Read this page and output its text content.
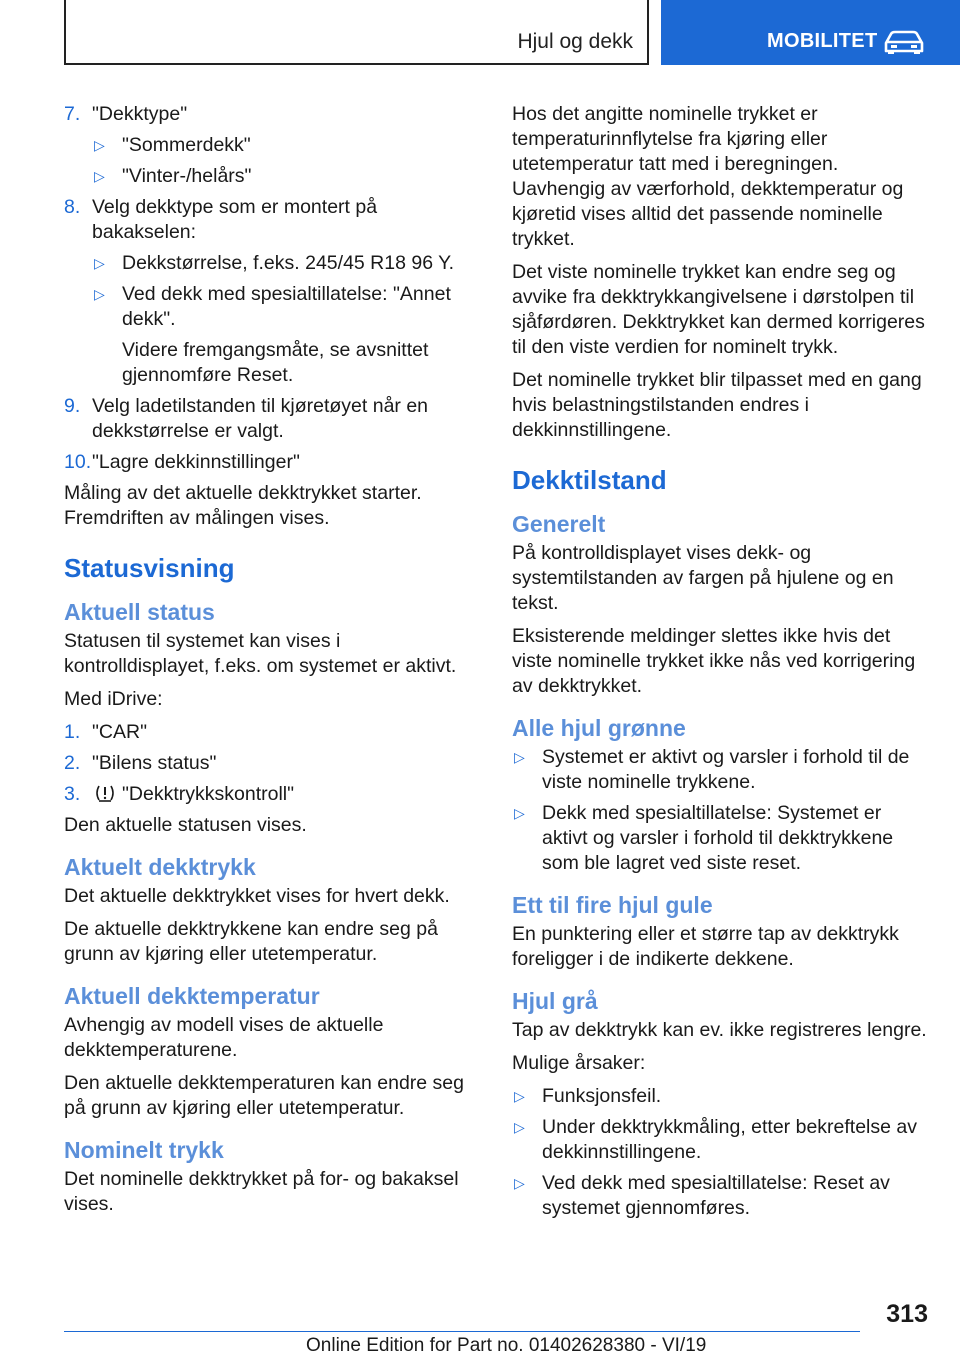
Hjul og dekk	MOBILITET
7. "Dekktype"
▷ "Sommerdekk"
▷ "Vinter-/helårs"
8. Velg dekktype som er montert på bakakselen:
▷ Dekkstørrelse, f.eks. 245/45 R18 96 Y.
▷ Ved dekk med spesialtillatelse: "Annet dekk".
Videre fremgangsmåte, se avsnittet gjennomføre Reset.
9. Velg ladetilstanden til kjøretøyet når en dekkstørrelse er valgt.
10. "Lagre dekkinnstillinger"
Måling av det aktuelle dekktrykket starter. Fremdriften av målingen vises.
Statusvisning
Aktuell status
Statusen til systemet kan vises i kontrolldisplayet, f.eks. om systemet er aktivt.
Med iDrive:
1. "CAR"
2. "Bilens status"
3.	"Dekktrykkskontroll"
Den aktuelle statusen vises.
Aktuelt dekktrykk
Det aktuelle dekktrykket vises for hvert dekk.
De aktuelle dekktrykkene kan endre seg på grunn av kjøring eller utetemperatur.
Aktuell dekktemperatur
Avhengig av modell vises de aktuelle dekktemperaturene.
Den aktuelle dekktemperaturen kan endre seg på grunn av kjøring eller utetemperatur.
Nominelt trykk
Det nominelle dekktrykket på for- og bakaksel vises.
Hos det angitte nominelle trykket er temperaturinnflytelse fra kjøring eller utetemperatur tatt med i beregningen. Uavhengig av værforhold, dekktemperatur og kjøretid vises alltid det passende nominelle trykket.
Det viste nominelle trykket kan endre seg og avvike fra dekktrykkangivelsene i dørstolpen til sjåførdøren. Dekktrykket kan dermed korrigeres til den viste verdien for nominelt trykk.
Det nominelle trykket blir tilpasset med en gang hvis belastningstilstanden endres i dekkinnstillingene.
Dekktilstand
Generelt
På kontrolldisplayet vises dekk- og systemtilstanden av fargen på hjulene og en tekst.
Eksisterende meldinger slettes ikke hvis det viste nominelle trykket ikke nås ved korrigering av dekktrykket.
Alle hjul grønne
▷ Systemet er aktivt og varsler i forhold til de viste nominelle trykkene.
▷ Dekk med spesialtillatelse: Systemet er aktivt og varsler i forhold til dekktrykkene som ble lagret ved siste reset.
Ett til fire hjul gule
En punktering eller et større tap av dekktrykk foreligger i de indikerte dekkene.
Hjul grå
Tap av dekktrykk kan ev. ikke registreres lengre.
Mulige årsaker:
▷ Funksjonsfeil.
▷ Under dekktrykkmåling, etter bekreftelse av dekkinnstillingene.
▷ Ved dekk med spesialtillatelse: Reset av systemet gjennomføres.
313
Online Edition for Part no. 01402628380 - VI/19
